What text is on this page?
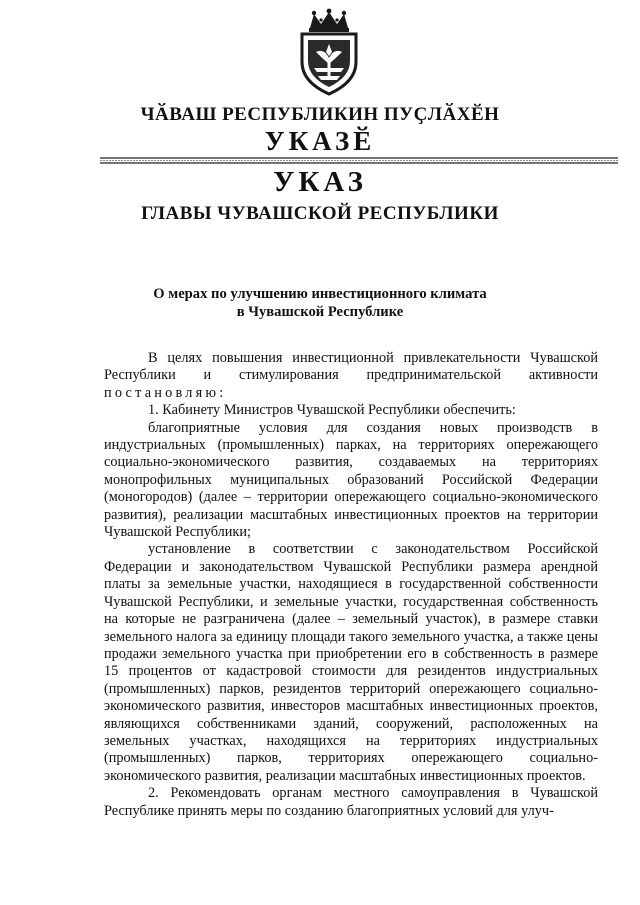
ЧӐВАШ РЕСПУБЛИКИН ПУҪЛӐХӖН
УКАЗӖ
УКАЗ
ГЛАВЫ ЧУВАШСКОЙ РЕСПУБЛИКИ
О мерах по улучшению инвестиционного климата
в Чувашской Республике

В целях повышения инвестиционной привлекательности Чувашской Республики и стимулирования предпринимательской активности постановляю:

1. Кабинету Министров Чувашской Республики обеспечить:

благоприятные условия для создания новых производств в индустриальных (промышленных) парках, на территориях опережающего социально-экономического развития, создаваемых на территориях монопрофильных муниципальных образований Российской Федерации (моногородов) (далее – территории опережающего социально-экономического развития), реализации масштабных инвестиционных проектов на территории Чувашской Республики;

установление в соответствии с законодательством Российской Федерации и законодательством Чувашской Республики размера арендной платы за земельные участки, находящиеся в государственной собственности Чувашской Республики, и земельные участки, государственная собственность на которые не разграничена (далее – земельный участок), в размере ставки земельного налога за единицу площади такого земельного участка, а также цены продажи земельного участка при приобретении его в собственность в размере 15 процентов от кадастровой стоимости для резидентов индустриальных (промышленных) парков, резидентов территорий опережающего социально-экономического развития, инвесторов масштабных инвестиционных проектов, являющихся собственниками зданий, сооружений, расположенных на земельных участках, находящихся на территориях индустриальных (промышленных) парков, территориях опережающего социально-экономического развития, реализации масштабных инвестиционных проектов.

2. Рекомендовать органам местного самоуправления в Чувашской Республике принять меры по созданию благоприятных условий для улуч-
